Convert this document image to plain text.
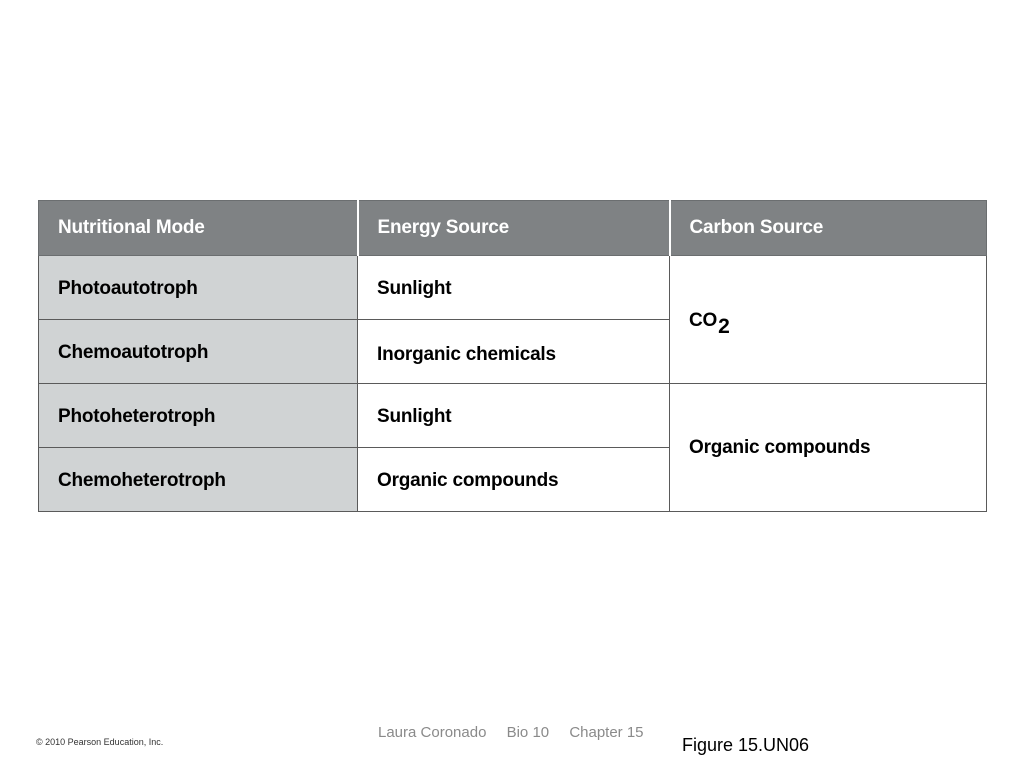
Nutritional Mode	Energy Source	Carbon Source
Photoautotroph	Sunlight	CO2
Chemoautotroph	Inorganic chemicals	
Photoheterotroph	Sunlight	Organic compounds
Chemoheterotroph	Organic compounds	
© 2010 Pearson Education, Inc.
Laura Coronado Bio 10 Chapter 15
Figure 15.UN06
